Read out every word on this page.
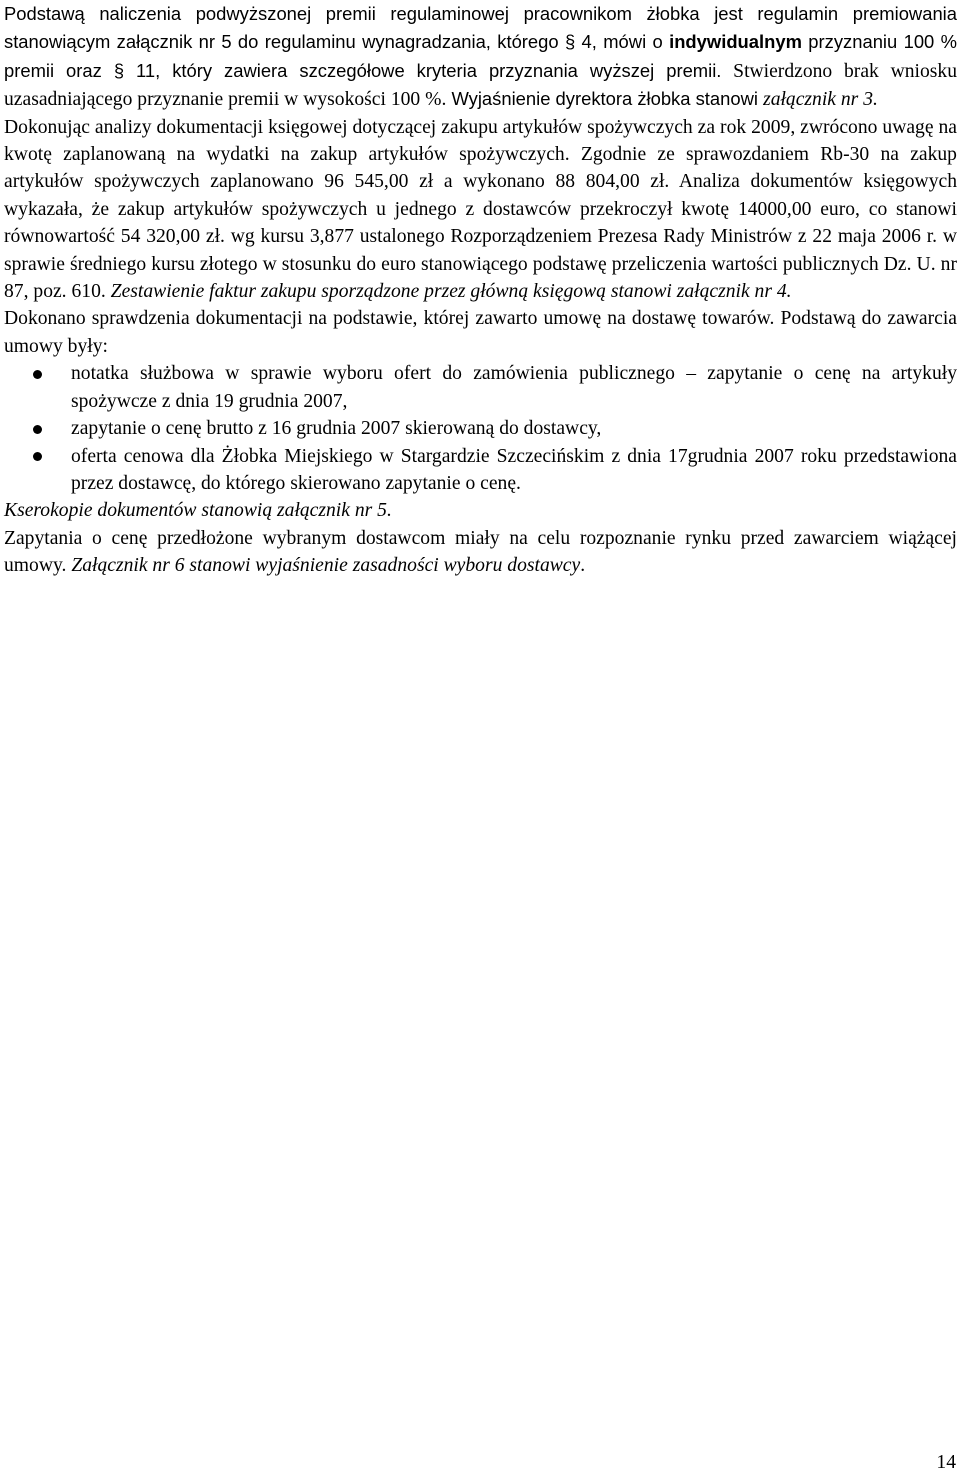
Podstawą naliczenia podwyższonej premii regulaminowej pracownikom żłobka jest regulamin premiowania stanowiącym załącznik nr 5 do regulaminu wynagradzania, którego § 4, mówi o indywidualnym przyznaniu 100 % premii oraz § 11, który zawiera szczegółowe kryteria przyznania wyższej premii. Stwierdzono brak wniosku uzasadniającego przyznanie premii w wysokości 100 %. Wyjaśnienie dyrektora żłobka stanowi załącznik nr 3.

Dokonując analizy dokumentacji księgowej dotyczącej zakupu artykułów spożywczych za rok 2009, zwrócono uwagę na kwotę zaplanowaną na wydatki na zakup artykułów spożywczych. Zgodnie ze sprawozdaniem Rb-30 na zakup artykułów spożywczych zaplanowano 96 545,00 zł a wykonano 88 804,00 zł. Analiza dokumentów księgowych wykazała, że zakup artykułów spożywczych u jednego z dostawców przekroczył kwotę 14000,00 euro, co stanowi równowartość 54 320,00 zł. wg kursu 3,877 ustalonego Rozporządzeniem Prezesa Rady Ministrów z 22 maja 2006 r. w sprawie średniego kursu złotego w stosunku do euro stanowiącego podstawę przeliczenia wartości publicznych Dz. U. nr 87, poz. 610. Zestawienie faktur zakupu sporządzone przez główną księgową stanowi załącznik nr 4.

Dokonano sprawdzenia dokumentacji na podstawie, której zawarto umowę na dostawę towarów. Podstawą do zawarcia umowy były:

notatka służbowa w sprawie wyboru ofert do zamówienia publicznego – zapytanie o cenę na artykuły spożywcze z dnia 19 grudnia 2007,
zapytanie o cenę brutto z 16 grudnia 2007 skierowaną do dostawcy,
oferta cenowa dla Żłobka Miejskiego w Stargardzie Szczecińskim z dnia 17grudnia 2007 roku przedstawiona przez dostawcę, do którego skierowano zapytanie o cenę.

Kserokopie dokumentów stanowią załącznik nr 5.

Zapytania o cenę przedłożone wybranym dostawcom miały na celu rozpoznanie rynku przed zawarciem wiążącej umowy. Załącznik nr 6 stanowi wyjaśnienie zasadności wyboru dostawcy.

14
